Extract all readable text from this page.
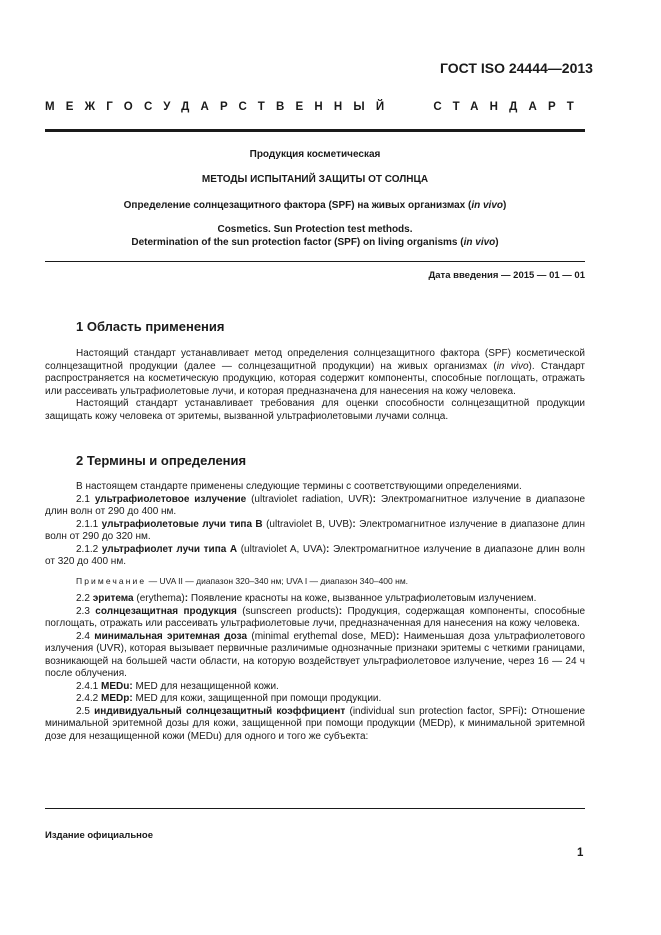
ГОСТ ISO 24444—2013
МЕЖГОСУДАРСТВЕННЫЙ	СТАНДАРТ
Продукция косметическая
МЕТОДЫ ИСПЫТАНИЙ ЗАЩИТЫ ОТ СОЛНЦА
Определение солнцезащитного фактора (SPF) на живых организмах (in vivo)
Cosmetics. Sun Protection test methods.
Determination of the sun protection factor (SPF) on living organisms (in vivo)
Дата введения — 2015 — 01 — 01
1 Область применения

Настоящий стандарт устанавливает метод определения солнцезащитного фактора (SPF) косметической солнцезащитной продукции (далее — солнцезащитной продукции) на живых организмах (in vivo). Стандарт распространяется на косметическую продукцию, которая содержит компоненты, способные поглощать, отражать или рассеивать ультрафиолетовые лучи, и которая предназначена для нанесения на кожу человека.

Настоящий стандарт устанавливает требования для оценки способности солнцезащитной продукции защищать кожу человека от эритемы, вызванной ультрафиолетовыми лучами солнца.

2 Термины и определения

В настоящем стандарте применены следующие термины с соответствующими определениями.

2.1 ультрафиолетовое излучение (ultraviolet radiation, UVR): Электромагнитное излучение в диапазоне длин волн от 290 до 400 нм.

2.1.1 ультрафиолетовые лучи типа B (ultraviolet B, UVB): Электромагнитное излучение в диапазоне длин волн от 290 до 320 нм.

2.1.2 ультрафиолет лучи типа А (ultraviolet A, UVA): Электромагнитное излучение в диапазоне длин волн от 320 до 400 нм.

Примечание — UVA II — диапазон 320–340 нм; UVA I — диапазон 340–400 нм.

2.2 эритема (erythema): Появление красноты на коже, вызванное ультрафиолетовым излучением.

2.3 солнцезащитная продукция (sunscreen products): Продукция, содержащая компоненты, способные поглощать, отражать или рассеивать ультрафиолетовые лучи, предназначенная для нанесения на кожу человека.

2.4 минимальная эритемная доза (minimal erythemal dose, MED): Наименьшая доза ультрафиолетового излучения (UVR), которая вызывает первичные различимые однозначные признаки эритемы с четкими границами, возникающей на большей части области, на которую воздействует ультрафиолетовое излучение, через 16 — 24 ч после облучения.

2.4.1 MEDu: MED для незащищенной кожи.

2.4.2 MEDp: MED для кожи, защищенной при помощи продукции.

2.5 индивидуальный солнцезащитный коэффициент (individual sun protection factor, SPFi): Отношение минимальной эритемной дозы для кожи, защищенной при помощи продукции (MEDp), к минимальной эритемной дозе для незащищенной кожи (MEDu) для одного и того же субъекта:

Издание официальное
1
